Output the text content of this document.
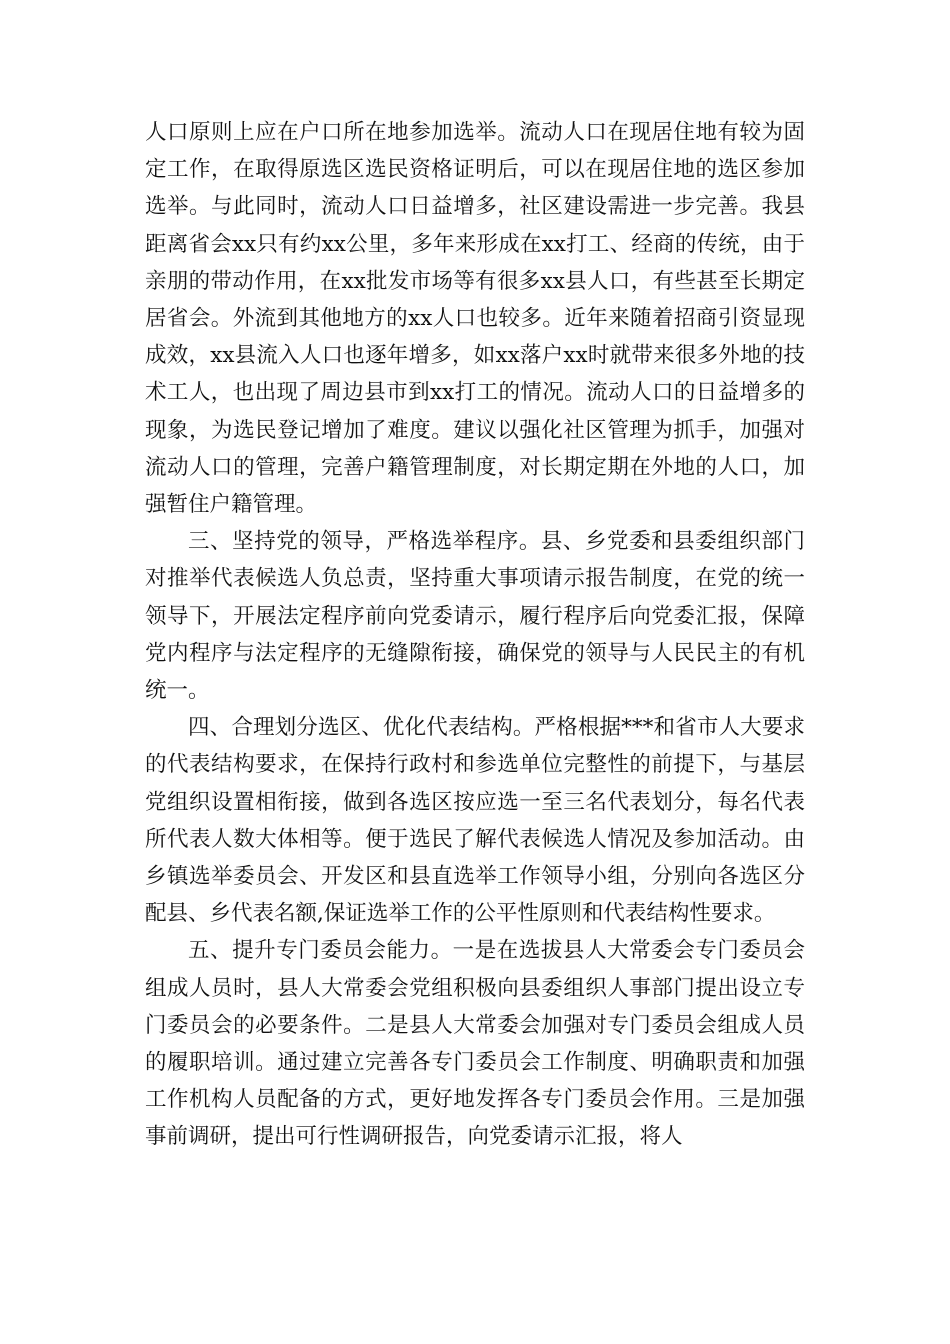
人口原则上应在户口所在地参加选举。流动人口在现居住地有较为固定工作，在取得原选区选民资格证明后，可以在现居住地的选区参加选举。与此同时，流动人口日益增多，社区建设需进一步完善。我县距离省会xx只有约xx公里，多年来形成在xx打工、经商的传统，由于亲朋的带动作用，在xx批发市场等有很多xx县人口，有些甚至长期定居省会。外流到其他地方的xx人口也较多。近年来随着招商引资显现成效，xx县流入人口也逐年增多，如xx落户xx时就带来很多外地的技术工人，也出现了周边县市到xx打工的情况。流动人口的日益增多的现象，为选民登记增加了难度。建议以强化社区管理为抓手，加强对流动人口的管理，完善户籍管理制度，对长期定期在外地的人口，加强暂住户籍管理。

三、坚持党的领导，严格选举程序。县、乡党委和县委组织部门对推举代表候选人负总责，坚持重大事项请示报告制度，在党的统一领导下，开展法定程序前向党委请示，履行程序后向党委汇报，保障党内程序与法定程序的无缝隙衔接，确保党的领导与人民民主的有机统一。

四、合理划分选区、优化代表结构。严格根据***和省市人大要求的代表结构要求，在保持行政村和参选单位完整性的前提下，与基层党组织设置相衔接，做到各选区按应选一至三名代表划分，每名代表所代表人数大体相等。便于选民了解代表候选人情况及参加活动。由乡镇选举委员会、开发区和县直选举工作领导小组，分别向各选区分配县、乡代表名额,保证选举工作的公平性原则和代表结构性要求。

五、提升专门委员会能力。一是在选拔县人大常委会专门委员会组成人员时，县人大常委会党组积极向县委组织人事部门提出设立专门委员会的必要条件。二是县人大常委会加强对专门委员会组成人员的履职培训。通过建立完善各专门委员会工作制度、明确职责和加强工作机构人员配备的方式，更好地发挥各专门委员会作用。三是加强事前调研，提出可行性调研报告，向党委请示汇报，将人
